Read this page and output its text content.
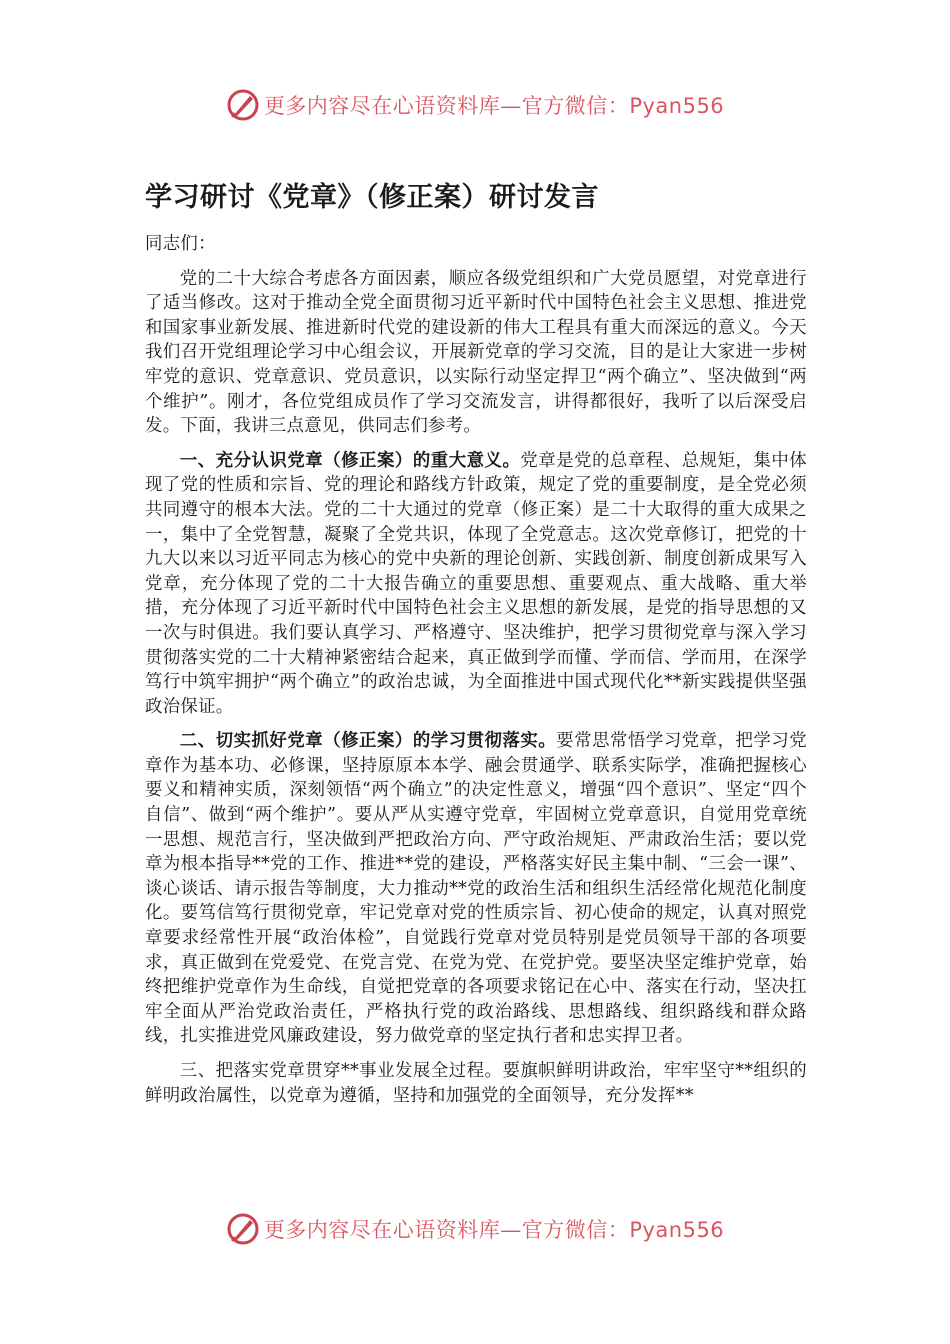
更多内容尽在心语资料库—官方微信：Pyan556
学习研讨《党章》（修正案）研讨发言

同志们：

党的二十大综合考虑各方面因素，顺应各级党组织和广大党员愿望，对党章进行了适当修改。这对于推动全党全面贯彻习近平新时代中国特色社会主义思想、推进党和国家事业新发展、推进新时代党的建设新的伟大工程具有重大而深远的意义。今天我们召开党组理论学习中心组会议，开展新党章的学习交流，目的是让大家进一步树牢党的意识、党章意识、党员意识，以实际行动坚定捍卫“两个确立”、坚决做到“两个维护”。刚才，各位党组成员作了学习交流发言，讲得都很好，我听了以后深受启发。下面，我讲三点意见，供同志们参考。

一、充分认识党章（修正案）的重大意义。党章是党的总章程、总规矩，集中体现了党的性质和宗旨、党的理论和路线方针政策，规定了党的重要制度，是全党必须共同遵守的根本大法。党的二十大通过的党章（修正案）是二十大取得的重大成果之一，集中了全党智慧，凝聚了全党共识，体现了全党意志。这次党章修订，把党的十九大以来以习近平同志为核心的党中央新的理论创新、实践创新、制度创新成果写入党章，充分体现了党的二十大报告确立的重要思想、重要观点、重大战略、重大举措，充分体现了习近平新时代中国特色社会主义思想的新发展，是党的指导思想的又一次与时俱进。我们要认真学习、严格遵守、坚决维护，把学习贯彻党章与深入学习贯彻落实党的二十大精神紧密结合起来，真正做到学而懂、学而信、学而用，在深学笃行中筑牢拥护“两个确立”的政治忠诚，为全面推进中国式现代化**新实践提供坚强政治保证。

二、切实抓好党章（修正案）的学习贯彻落实。要常思常悟学习党章，把学习党章作为基本功、必修课，坚持原原本本学、融会贯通学、联系实际学，准确把握核心要义和精神实质，深刻领悟“两个确立”的决定性意义，增强“四个意识”、坚定“四个自信”、做到“两个维护”。要从严从实遵守党章，牢固树立党章意识，自觉用党章统一思想、规范言行，坚决做到严把政治方向、严守政治规矩、严肃政治生活；要以党章为根本指导**党的工作、推进**党的建设，严格落实好民主集中制、“三会一课”、谈心谈话、请示报告等制度，大力推动**党的政治生活和组织生活经常化规范化制度化。要笃信笃行贯彻党章，牢记党章对党的性质宗旨、初心使命的规定，认真对照党章要求经常性开展“政治体检”，自觉践行党章对党员特别是党员领导干部的各项要求，真正做到在党爱党、在党言党、在党为党、在党护党。要坚决坚定维护党章，始终把维护党章作为生命线，自觉把党章的各项要求铭记在心中、落实在行动，坚决扛牢全面从严治党政治责任，严格执行党的政治路线、思想路线、组织路线和群众路线，扎实推进党风廉政建设，努力做党章的坚定执行者和忠实捍卫者。

三、把落实党章贯穿**事业发展全过程。要旗帜鲜明讲政治，牢牢坚守**组织的鲜明政治属性，以党章为遵循，坚持和加强党的全面领导，充分发挥**

更多内容尽在心语资料库—官方微信：Pyan556
